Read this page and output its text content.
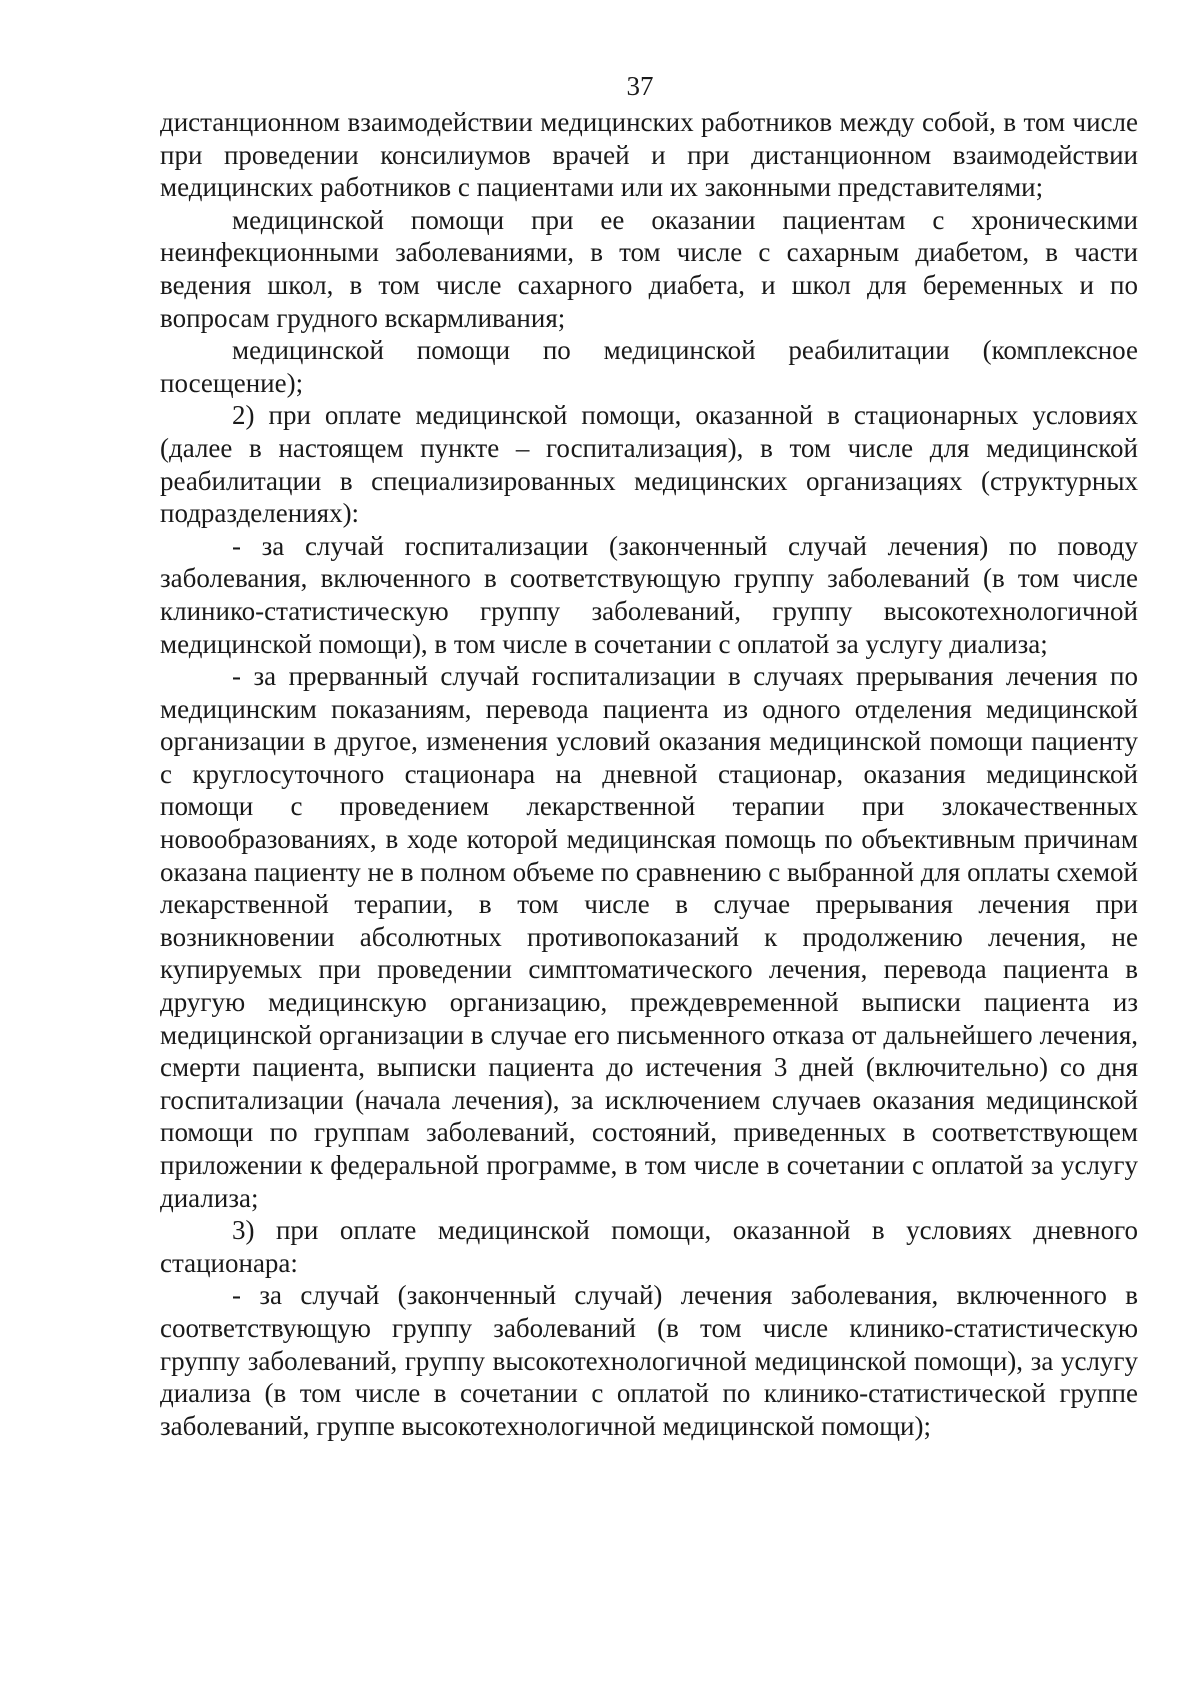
37

дистанционном взаимодействии медицинских работников между собой, в том числе при проведении консилиумов врачей и при дистанционном взаимодействии медицинских работников с пациентами или их законными представителями;

медицинской помощи при ее оказании пациентам с хроническими неинфекционными заболеваниями, в том числе с сахарным диабетом, в части ведения школ, в том числе сахарного диабета, и школ для беременных и по вопросам грудного вскармливания;

медицинской помощи по медицинской реабилитации (комплексное посещение);

2) при оплате медицинской помощи, оказанной в стационарных условиях (далее в настоящем пункте – госпитализация), в том числе для медицинской реабилитации в специализированных медицинских организациях (структурных подразделениях):

- за случай госпитализации (законченный случай лечения) по поводу заболевания, включенного в соответствующую группу заболеваний (в том числе клинико-статистическую группу заболеваний, группу высокотехнологичной медицинской помощи), в том числе в сочетании с оплатой за услугу диализа;

- за прерванный случай госпитализации в случаях прерывания лечения по медицинским показаниям, перевода пациента из одного отделения медицинской организации в другое, изменения условий оказания медицинской помощи пациенту с круглосуточного стационара на дневной стационар, оказания медицинской помощи с проведением лекарственной терапии при злокачественных новообразованиях, в ходе которой медицинская помощь по объективным причинам оказана пациенту не в полном объеме по сравнению с выбранной для оплаты схемой лекарственной терапии, в том числе в случае прерывания лечения при возникновении абсолютных противопоказаний к продолжению лечения, не купируемых при проведении симптоматического лечения, перевода пациента в другую медицинскую организацию, преждевременной выписки пациента из медицинской организации в случае его письменного отказа от дальнейшего лечения, смерти пациента, выписки пациента до истечения 3 дней (включительно) со дня госпитализации (начала лечения), за исключением случаев оказания медицинской помощи по группам заболеваний, состояний, приведенных в соответствующем приложении к федеральной программе, в том числе в сочетании с оплатой за услугу диализа;

3) при оплате медицинской помощи, оказанной в условиях дневного стационара:

- за случай (законченный случай) лечения заболевания, включенного в соответствующую группу заболеваний (в том числе клинико-статистическую группу заболеваний, группу высокотехнологичной медицинской помощи), за услугу диализа (в том числе в сочетании с оплатой по клинико-статистической группе заболеваний, группе высокотехнологичной медицинской помощи);
